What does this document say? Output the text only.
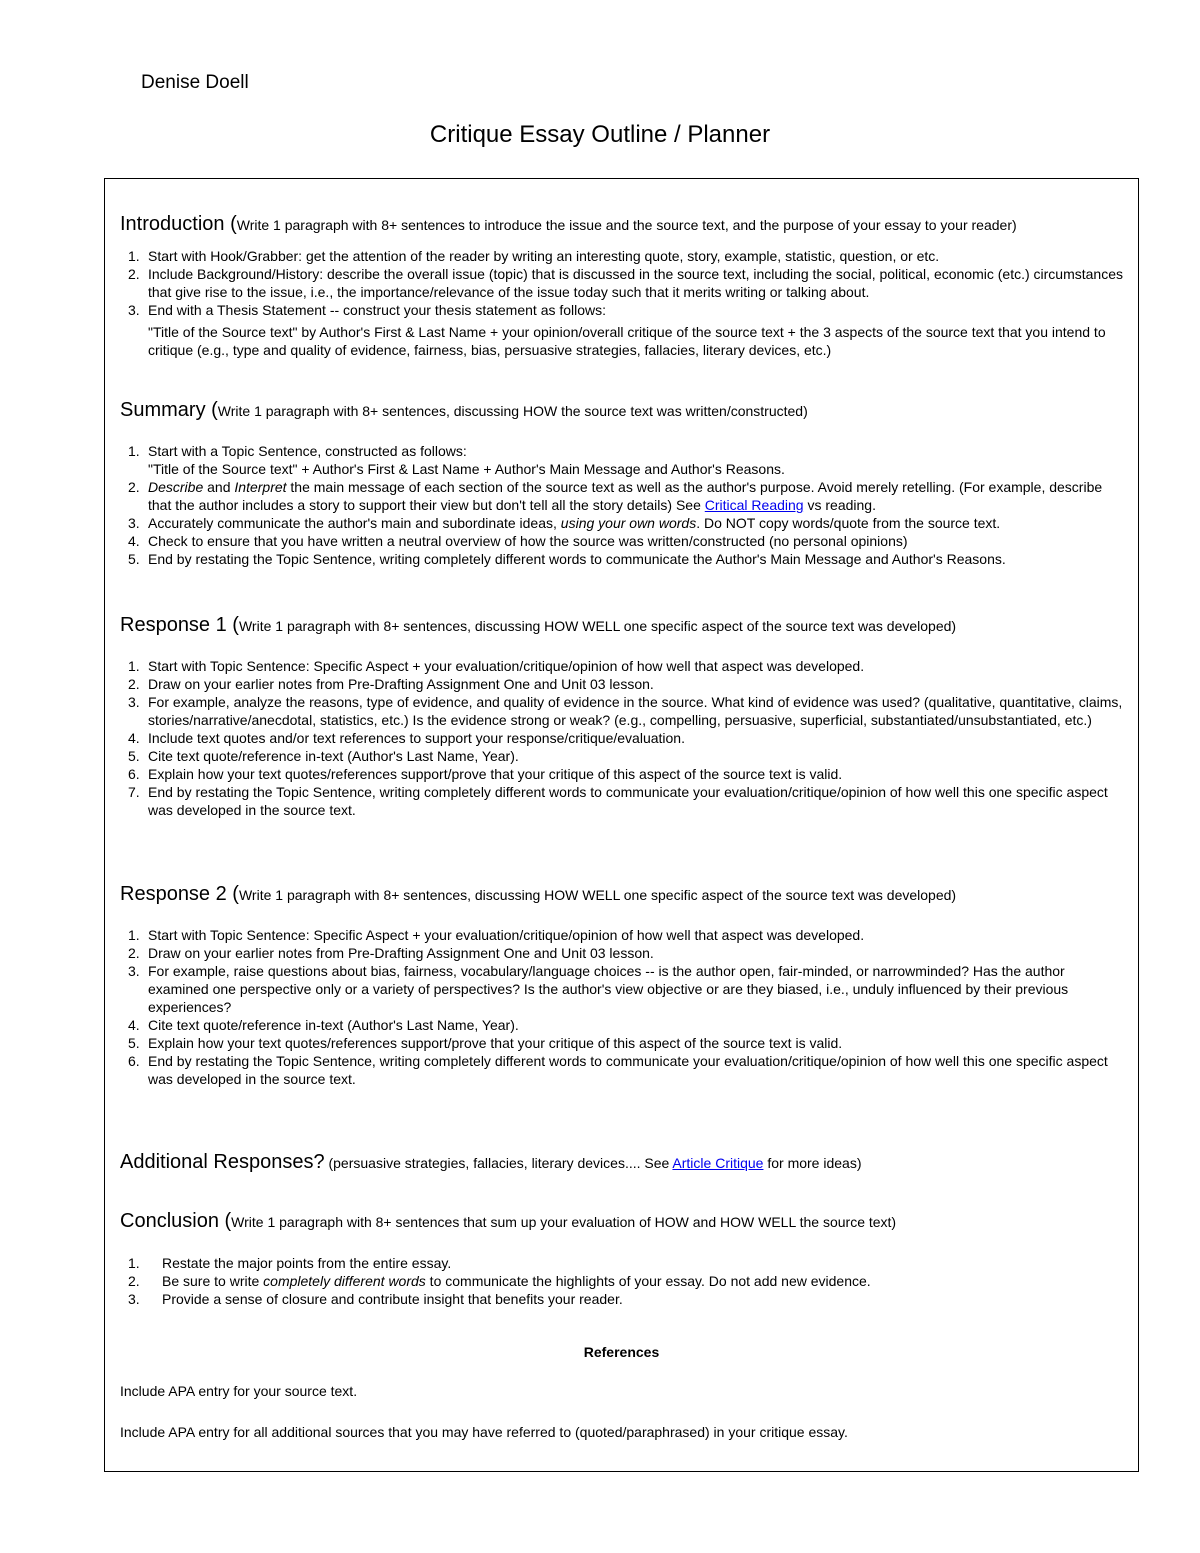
Denise Doell
Critique Essay Outline / Planner
Introduction (Write 1 paragraph with 8+ sentences to introduce the issue and the source text, and the purpose of your essay to your reader)
1. Start with Hook/Grabber: get the attention of the reader by writing an interesting quote, story, example, statistic, question, or etc.
2. Include Background/History: describe the overall issue (topic) that is discussed in the source text, including the social, political, economic (etc.) circumstances that give rise to the issue, i.e., the importance/relevance of the issue today such that it merits writing or talking about.
3. End with a Thesis Statement -- construct your thesis statement as follows:
"Title of the Source text" by Author's First & Last Name + your opinion/overall critique of the source text + the 3 aspects of the source text that you intend to critique (e.g., type and quality of evidence, fairness, bias, persuasive strategies, fallacies, literary devices, etc.)
Summary (Write 1 paragraph with 8+ sentences, discussing HOW the source text was written/constructed)
1. Start with a Topic Sentence, constructed as follows:
"Title of the Source text" + Author's First & Last Name + Author's Main Message and Author's Reasons.
2. Describe and Interpret the main message of each section of the source text as well as the author's purpose. Avoid merely retelling. (For example, describe that the author includes a story to support their view but don't tell all the story details) See Critical Reading vs reading.
3. Accurately communicate the author's main and subordinate ideas, using your own words. Do NOT copy words/quote from the source text.
4. Check to ensure that you have written a neutral overview of how the source was written/constructed (no personal opinions)
5. End by restating the Topic Sentence, writing completely different words to communicate the Author's Main Message and Author's Reasons.
Response 1 (Write 1 paragraph with 8+ sentences, discussing HOW WELL one specific aspect of the source text was developed)
1. Start with Topic Sentence: Specific Aspect + your evaluation/critique/opinion of how well that aspect was developed.
2. Draw on your earlier notes from Pre-Drafting Assignment One and Unit 03 lesson.
3. For example, analyze the reasons, type of evidence, and quality of evidence in the source. What kind of evidence was used? (qualitative, quantitative, claims, stories/narrative/anecdotal, statistics, etc.) Is the evidence strong or weak? (e.g., compelling, persuasive, superficial, substantiated/unsubstantiated, etc.)
4. Include text quotes and/or text references to support your response/critique/evaluation.
5. Cite text quote/reference in-text (Author's Last Name, Year).
6. Explain how your text quotes/references support/prove that your critique of this aspect of the source text is valid.
7. End by restating the Topic Sentence, writing completely different words to communicate your evaluation/critique/opinion of how well this one specific aspect was developed in the source text.
Response 2 (Write 1 paragraph with 8+ sentences, discussing HOW WELL one specific aspect of the source text was developed)
1. Start with Topic Sentence: Specific Aspect + your evaluation/critique/opinion of how well that aspect was developed.
2. Draw on your earlier notes from Pre-Drafting Assignment One and Unit 03 lesson.
3. For example, raise questions about bias, fairness, vocabulary/language choices -- is the author open, fair-minded, or narrowminded? Has the author examined one perspective only or a variety of perspectives? Is the author's view objective or are they biased, i.e., unduly influenced by their previous experiences?
4. Cite text quote/reference in-text (Author's Last Name, Year).
5. Explain how your text quotes/references support/prove that your critique of this aspect of the source text is valid.
6. End by restating the Topic Sentence, writing completely different words to communicate your evaluation/critique/opinion of how well this one specific aspect was developed in the source text.
Additional Responses? (persuasive strategies, fallacies, literary devices.... See Article Critique for more ideas)
Conclusion (Write 1 paragraph with 8+ sentences that sum up your evaluation of HOW and HOW WELL the source text)
1. Restate the major points from the entire essay.
2. Be sure to write completely different words to communicate the highlights of your essay. Do not add new evidence.
3. Provide a sense of closure and contribute insight that benefits your reader.
References
Include APA entry for your source text.
Include APA entry for all additional sources that you may have referred to (quoted/paraphrased) in your critique essay.
